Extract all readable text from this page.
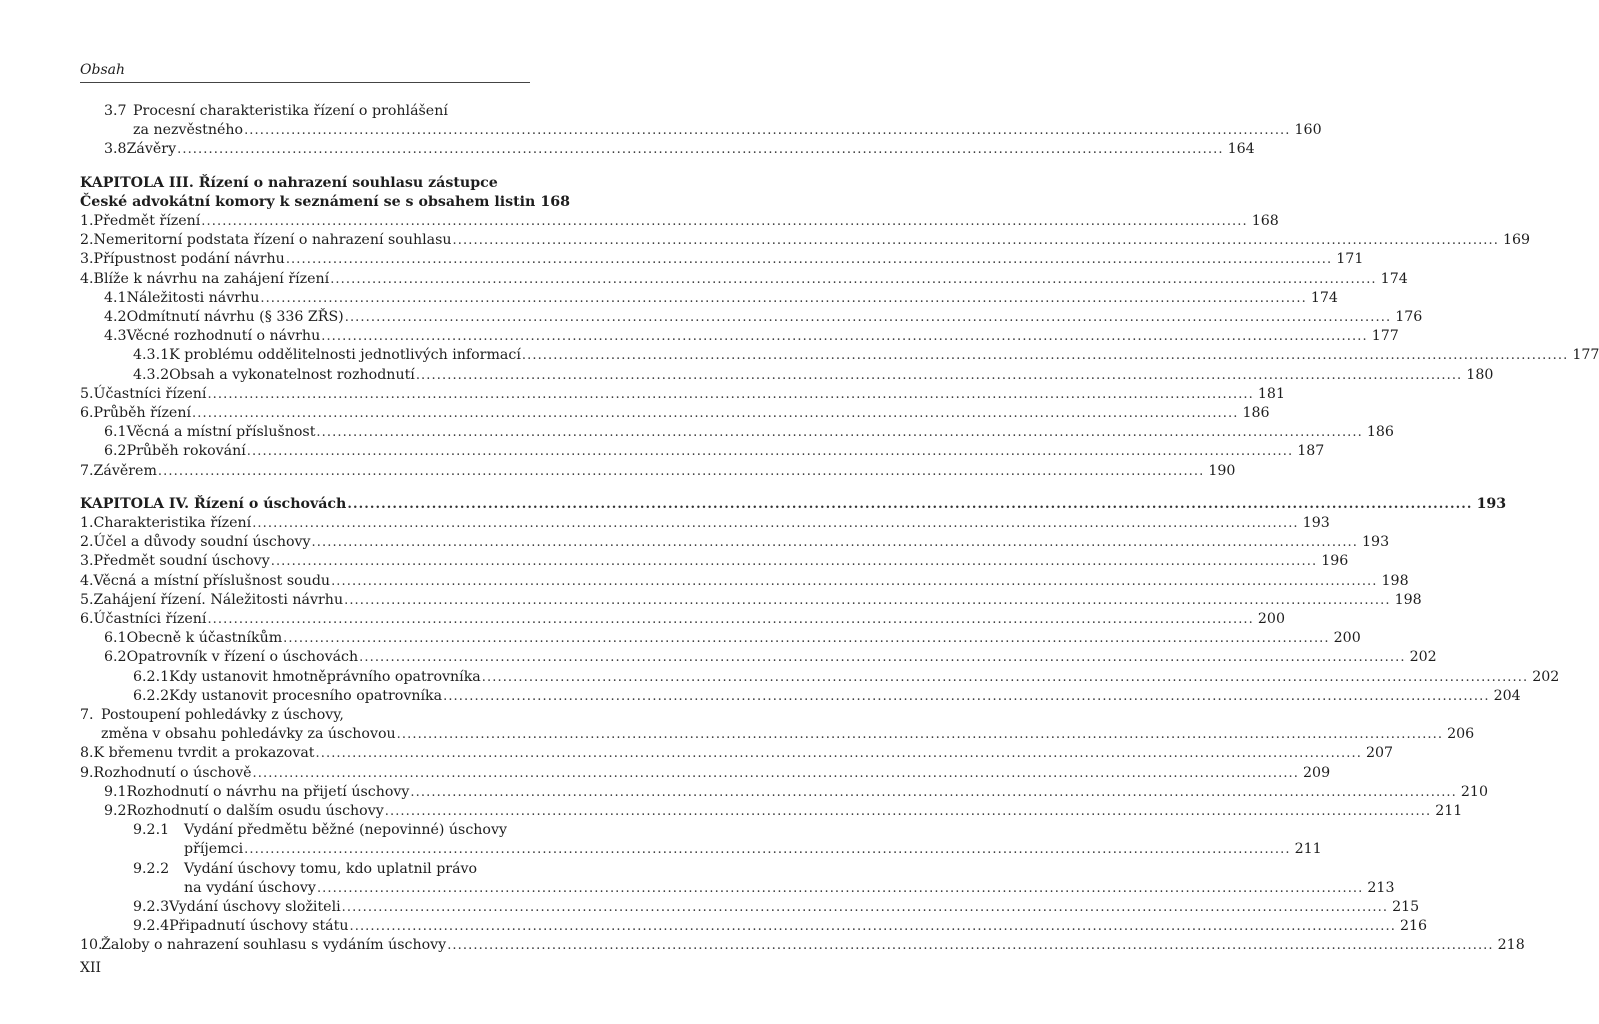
Obsah
3.7 Procesní charakteristika řízení o prohlášení
za nezvěstného ........................................................................................................................................................................................................ 160
3.8 Závěry ........................................................................................................................................................................................................ 164
KAPITOLA III. Řízení o nahrazení souhlasu zástupce
České advokátní komory k seznámení se s obsahem listin 168
1. Předmět řízení ........................................................................................................................................................................................................ 168
2. Nemeritorní podstata řízení o nahrazení souhlasu ........................................................................................................................................................................................................ 169
3. Přípustnost podání návrhu ........................................................................................................................................................................................................ 171
4. Blíže k návrhu na zahájení řízení ........................................................................................................................................................................................................ 174
4.1 Náležitosti návrhu ........................................................................................................................................................................................................ 174
4.2 Odmítnutí návrhu (§ 336 ZŘS) ........................................................................................................................................................................................................ 176
4.3 Věcné rozhodnutí o návrhu ........................................................................................................................................................................................................ 177
4.3.1 K problému oddělitelnosti jednotlivých informací ........................................................................................................................................................................................................ 177
4.3.2 Obsah a vykonatelnost rozhodnutí ........................................................................................................................................................................................................ 180
5. Účastníci řízení ........................................................................................................................................................................................................ 181
6. Průběh řízení ........................................................................................................................................................................................................ 186
6.1 Věcná a místní příslušnost ........................................................................................................................................................................................................ 186
6.2 Průběh rokování ........................................................................................................................................................................................................ 187
7. Závěrem ........................................................................................................................................................................................................ 190
KAPITOLA IV. Řízení o úschovách ........................................................................................................................................................................................................ 193
1. Charakteristika řízení ........................................................................................................................................................................................................ 193
2. Účel a důvody soudní úschovy ........................................................................................................................................................................................................ 193
3. Předmět soudní úschovy ........................................................................................................................................................................................................ 196
4. Věcná a místní příslušnost soudu ........................................................................................................................................................................................................ 198
5. Zahájení řízení. Náležitosti návrhu ........................................................................................................................................................................................................ 198
6. Účastníci řízení ........................................................................................................................................................................................................ 200
6.1 Obecně k účastníkům ........................................................................................................................................................................................................ 200
6.2 Opatrovník v řízení o úschovách ........................................................................................................................................................................................................ 202
6.2.1 Kdy ustanovit hmotněprávního opatrovníka ........................................................................................................................................................................................................ 202
6.2.2 Kdy ustanovit procesního opatrovníka ........................................................................................................................................................................................................ 204
7. Postoupení pohledávky z úschovy,
změna v obsahu pohledávky za úschovou ........................................................................................................................................................................................................ 206
8. K břemenu tvrdit a prokazovat ........................................................................................................................................................................................................ 207
9. Rozhodnutí o úschově ........................................................................................................................................................................................................ 209
9.1 Rozhodnutí o návrhu na přijetí úschovy ........................................................................................................................................................................................................ 210
9.2 Rozhodnutí o dalším osudu úschovy ........................................................................................................................................................................................................ 211
9.2.1	Vydání předmětu běžné (nepovinné) úschovy
příjemci ........................................................................................................................................................................................................ 211
9.2.2	Vydání úschovy tomu, kdo uplatnil právo
na vydání úschovy ........................................................................................................................................................................................................ 213
9.2.3 Vydání úschovy složiteli ........................................................................................................................................................................................................ 215
9.2.4 Připadnutí úschovy státu ........................................................................................................................................................................................................ 216
10.
Žaloby o nahrazení souhlasu s vydáním úschovy ........................................................................................................................................................................................................ 218
XII
